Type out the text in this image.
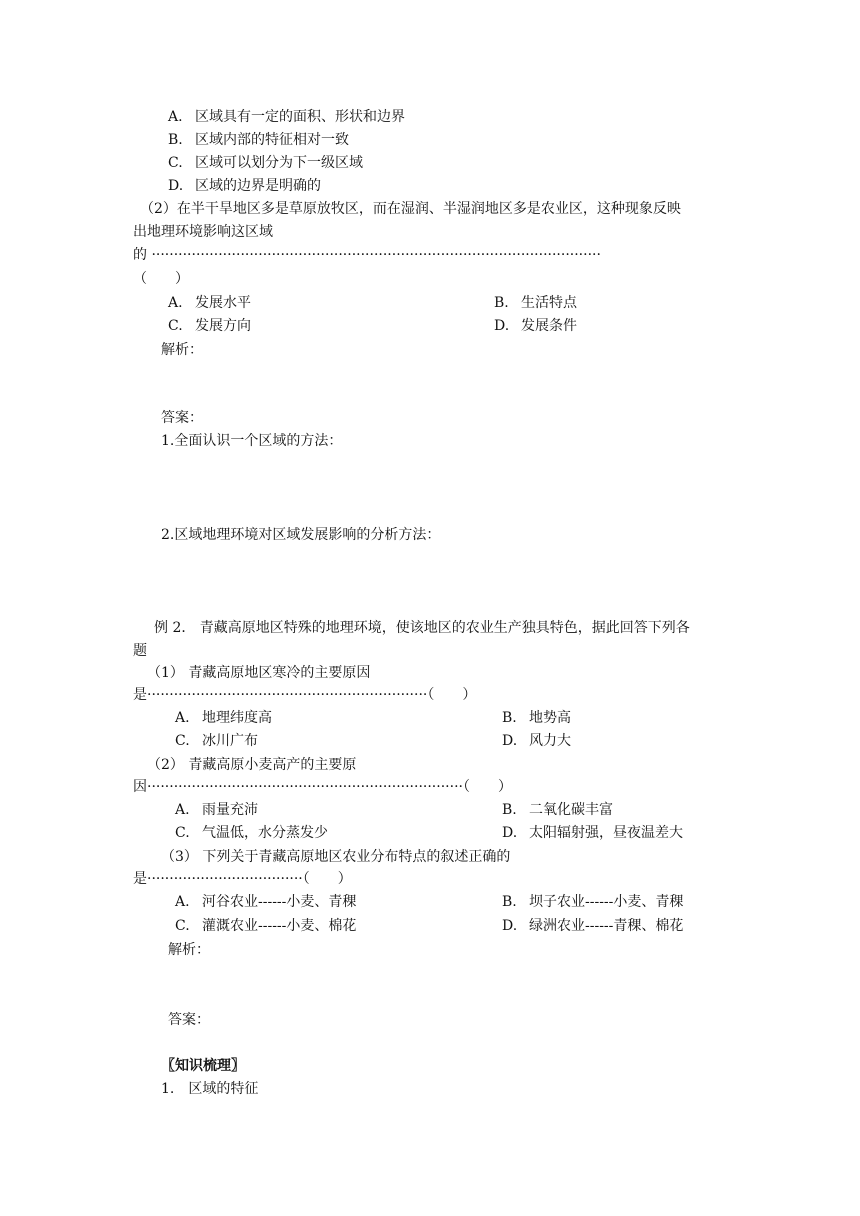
A. 区域具有一定的面积、形状和边界
B. 区域内部的特征相对一致
C. 区域可以划分为下一级区域
D. 区域的边界是明确的
（2）在半干旱地区多是草原放牧区，而在湿润、半湿润地区多是农业区，这种现象反映
出地理环境影响这区域
的 ·····································································································
（　　）
A. 发展水平	B. 生活特点
C. 发展方向	D. 发展条件
解析：
答案：
1.全面认识一个区域的方法：
2.区域地理环境对区域发展影响的分析方法：
例 2． 青藏高原地区特殊的地理环境，使该地区的农业生产独具特色，据此回答下列各
题
（1） 青藏高原地区寒冷的主要原因
是·······························································（　　）
A. 地理纬度高	B. 地势高
C. 冰川广布	D. 风力大
（2） 青藏高原小麦高产的主要原
因·······································································（　　）
A. 雨量充沛	B. 二氧化碳丰富
C. 气温低，水分蒸发少	D. 太阳辐射强，昼夜温差大
（3） 下列关于青藏高原地区农业分布特点的叙述正确的
是···································（　　）
A. 河谷农业------小麦、青稞	B. 坝子农业------小麦、青稞
C. 灌溉农业------小麦、棉花	D. 绿洲农业------青稞、棉花
解析：
答案：
〖知识梳理〗
1.　区域的特征
